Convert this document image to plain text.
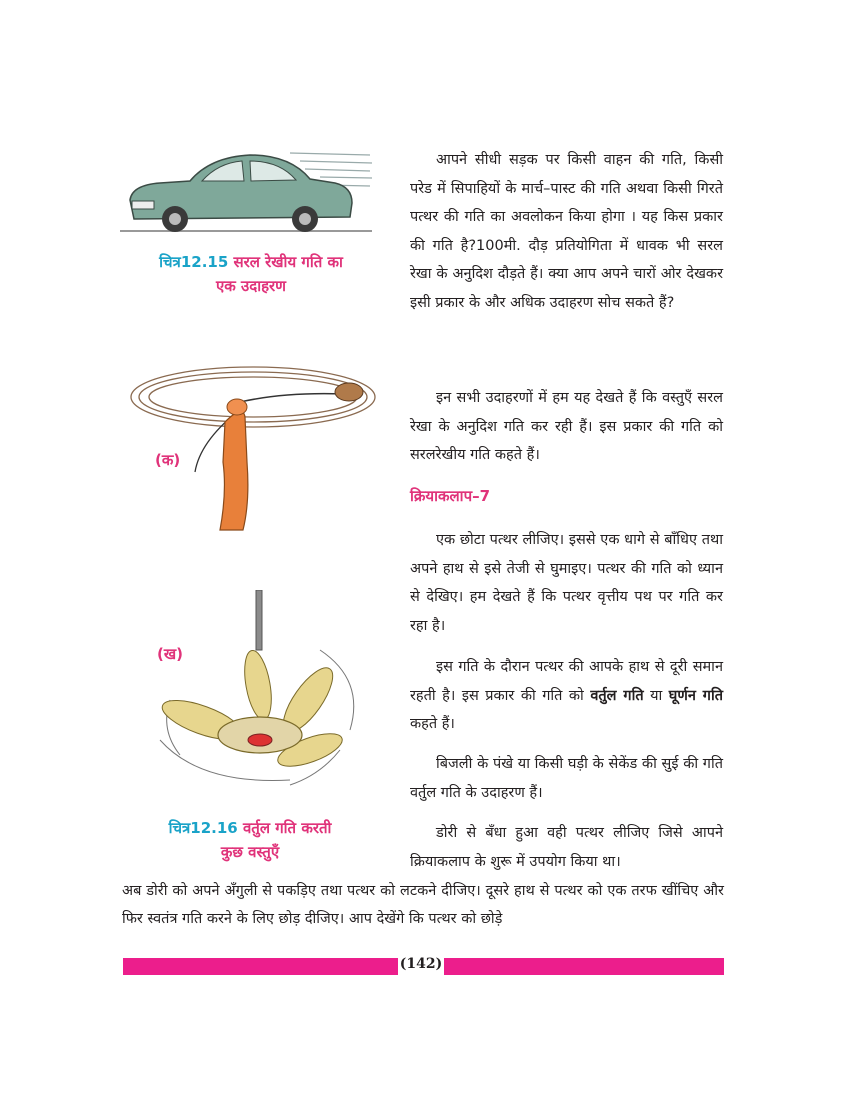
चित्र12.15 सरल रेखीय गति का
एक उदाहरण
(क)
(ख)
चित्र12.16 वर्तुल गति करती
कुछ वस्तुएँ

आपने सीधी सड़क पर किसी वाहन की गति, किसी परेड में सिपाहियों के मार्च–पास्ट की गति अथवा किसी गिरते पत्थर की गति का अवलोकन किया होगा । यह किस प्रकार की गति है?100मी. दौड़ प्रतियोगिता में धावक भी सरल रेखा के अनुदिश दौड़ते हैं। क्या आप अपने चारों ओर देखकर इसी प्रकार के और अधिक उदाहरण सोच सकते हैं?

इन सभी उदाहरणों में हम यह देखते हैं कि वस्तुएँ सरल रेखा के अनुदिश गति कर रही हैं। इस प्रकार की गति को सरलरेखीय गति कहते हैं।

क्रियाकलाप–7

एक छोटा पत्थर लीजिए। इससे एक धागे से बाँधिए तथा अपने हाथ से इसे तेजी से घुमाइए। पत्थर की गति को ध्यान से देखिए। हम देखते हैं कि पत्थर वृत्तीय पथ पर गति कर रहा है।

इस गति के दौरान पत्थर की आपके हाथ से दूरी समान रहती है। इस प्रकार की गति को वर्तुल गति या घूर्णन गति कहते हैं।

बिजली के पंखे या किसी घड़ी के सेकेंड की सुई की गति वर्तुल गति के उदाहरण हैं।

डोरी से बँधा हुआ वही पत्थर लीजिए जिसे आपने क्रियाकलाप के शुरू में उपयोग किया था।

अब डोरी को अपने अँगुली से पकड़िए तथा पत्थर को लटकने दीजिए। दूसरे हाथ से पत्थर को एक तरफ खींचिए और फिर स्वतंत्र गति करने के लिए छोड़ दीजिए। आप देखेंगे कि पत्थर को छोड़े
(142)
